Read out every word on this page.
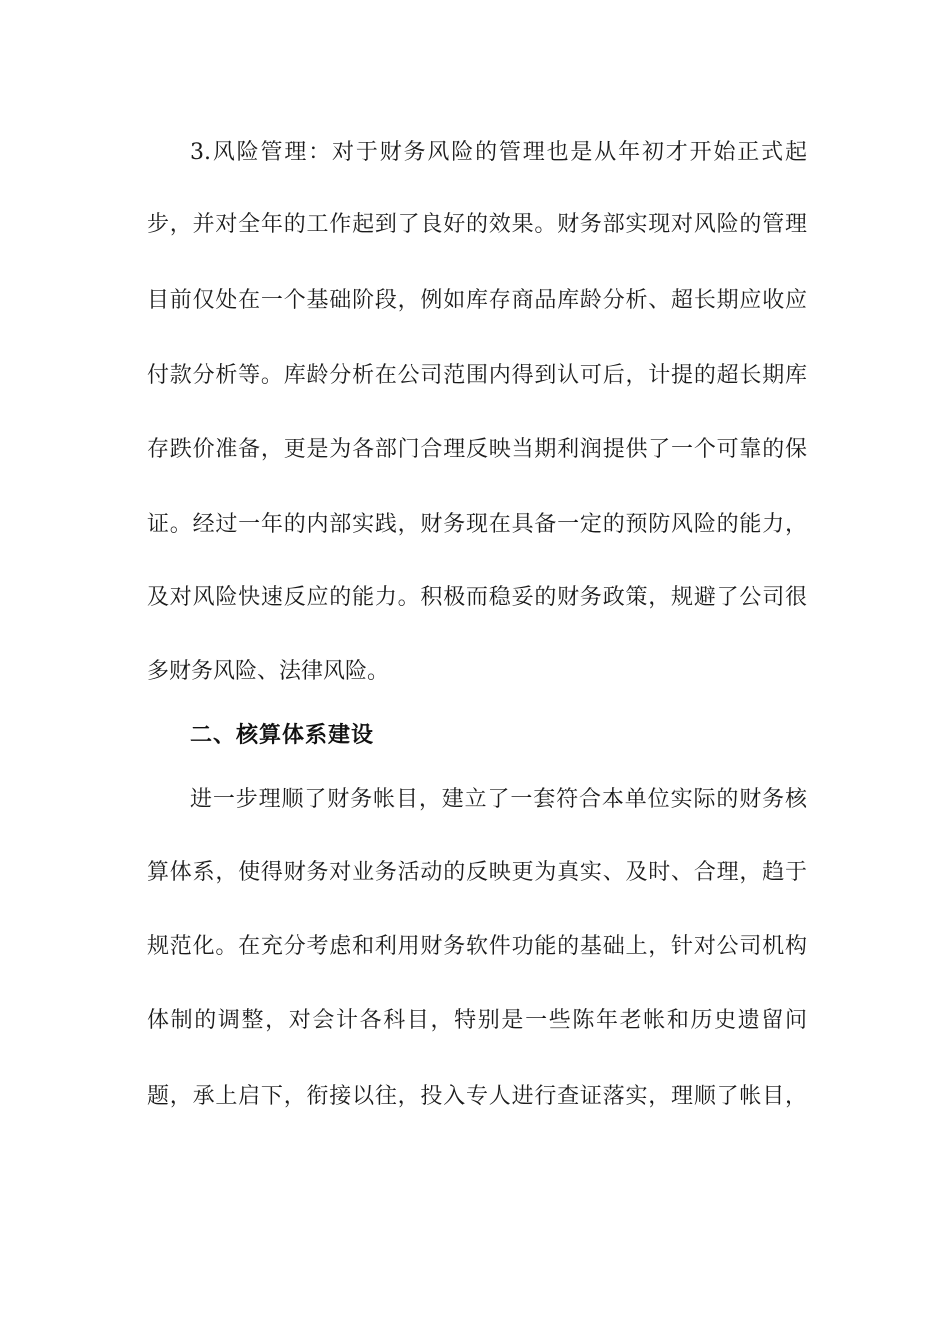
3.风险管理：对于财务风险的管理也是从年初才开始正式起
步，并对全年的工作起到了良好的效果。财务部实现对风险的管理
目前仅处在一个基础阶段，例如库存商品库龄分析、超长期应收应
付款分析等。库龄分析在公司范围内得到认可后，计提的超长期库
存跌价准备，更是为各部门合理反映当期利润提供了一个可靠的保
证。经过一年的内部实践，财务现在具备一定的预防风险的能力，
及对风险快速反应的能力。积极而稳妥的财务政策，规避了公司很
多财务风险、法律风险。
二、核算体系建设
进一步理顺了财务帐目，建立了一套符合本单位实际的财务核
算体系，使得财务对业务活动的反映更为真实、及时、合理，趋于
规范化。在充分考虑和利用财务软件功能的基础上，针对公司机构
体制的调整，对会计各科目，特别是一些陈年老帐和历史遗留问
题，承上启下，衔接以往，投入专人进行查证落实，理顺了帐目，
